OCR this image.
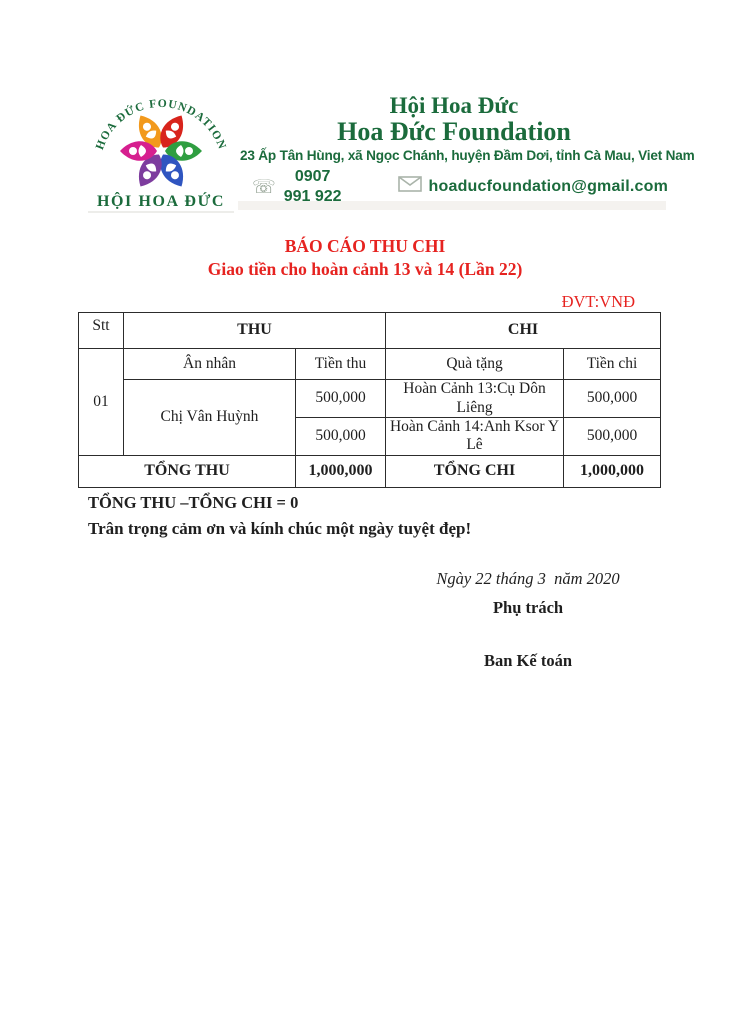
HOA ĐỨC FOUNDATION
HỘI HOA ĐỨC
Hội Hoa Đức
Hoa Đức Foundation
23 Ấp Tân Hùng, xã Ngọc Chánh, huyện Đầm Dơi, tỉnh Cà Mau, Viet Nam
☏	0907 991 922
hoaducfoundation@gmail.com
BÁO CÁO THU CHI
Giao tiền cho hoàn cảnh 13 và 14 (Lần 22)
ĐVT:VNĐ
Stt	THU		CHI	
01	Ân nhân	Tiền thu	Quà tặng	Tiền chi
	Chị Vân Huỳnh	500,000	Hoàn Cảnh 13:Cụ Dôn Liêng	500,000
		500,000	Hoàn Cảnh 14:Anh Ksor Y Lê	500,000
TỔNG THU		1,000,000	TỔNG CHI	1,000,000
TỔNG THU –TỔNG CHI = 0
Trân trọng cảm ơn và kính chúc một ngày tuyệt đẹp!
Ngày 22 tháng 3  năm 2020
Phụ trách
Ban Kế toán
